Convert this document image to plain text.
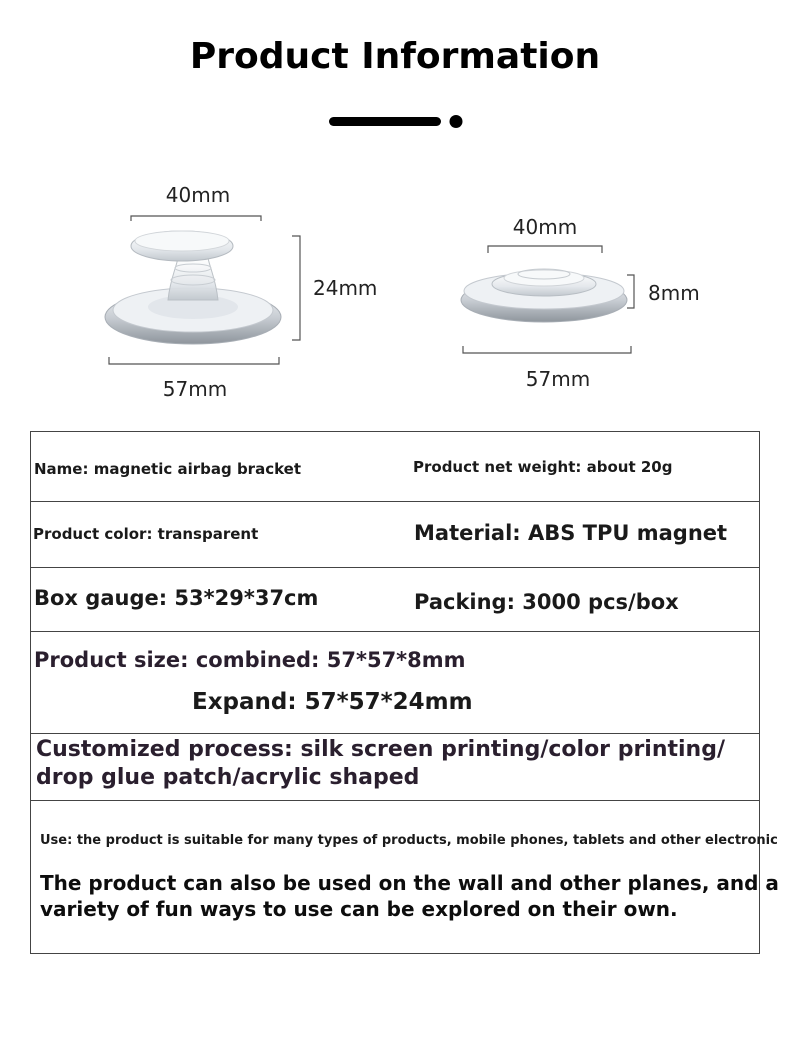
Product Information
40mm
24mm
57mm
40mm
8mm
57mm
Name: magnetic airbag bracket	Product net weight: about 20g
Product color: transparent	Material: ABS TPU magnet
Box gauge: 53*29*37cm	Packing: 3000 pcs/box
Product size: combined: 57*57*8mm
Expand: 57*57*24mm
Customized process: silk screen printing/color printing/
drop glue patch/acrylic shaped
Use: the product is suitable for many types of products, mobile phones, tablets and other electronic
The product can also be used on the wall and other planes, and a
variety of fun ways to use can be explored on their own.
